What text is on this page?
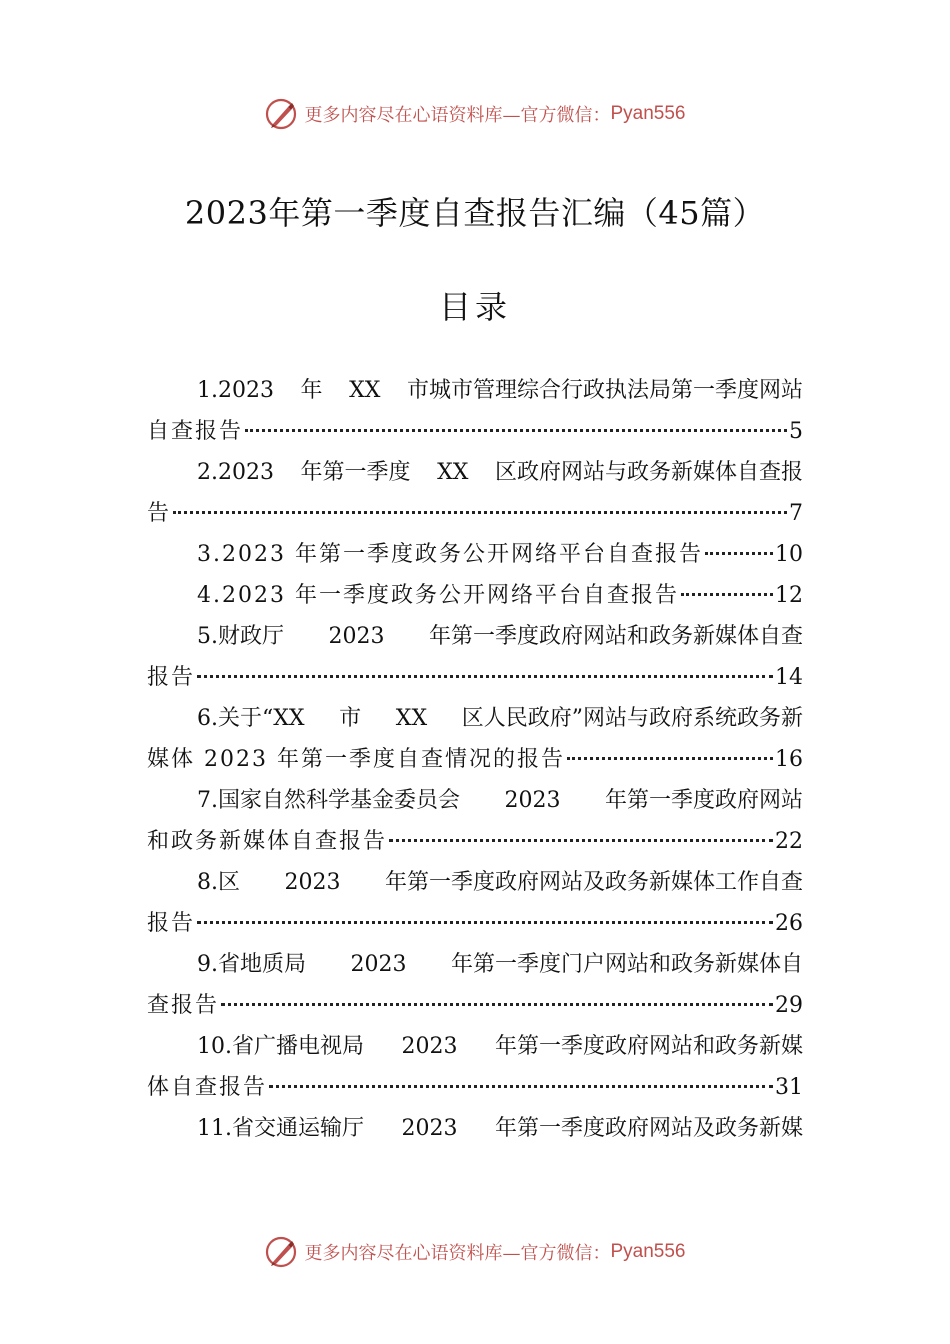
更多内容尽在心语资料库—官方微信： Pyan556
2023年第一季度自查报告汇编（45篇）
目录
1.2023 年 XX 市城市管理综合行政执法局第一季度网站
自查报告	5
2.2023 年第一季度 XX 区政府网站与政务新媒体自查报
告	7
3.2023 年第一季度政务公开网络平台自查报告	10
4.2023 年一季度政务公开网络平台自查报告	12
5.财政厅 2023 年第一季度政府网站和政务新媒体自查
报告	14
6.关于“XX 市 XX 区人民政府”网站与政府系统政务新
媒体 2023 年第一季度自查情况的报告	16
7.国家自然科学基金委员会 2023 年第一季度政府网站
和政务新媒体自查报告	22
8.区 2023 年第一季度政府网站及政务新媒体工作自查
报告	26
9.省地质局 2023 年第一季度门户网站和政务新媒体自
查报告	29
10.省广播电视局 2023 年第一季度政府网站和政务新媒
体自查报告	31
11.省交通运输厅 2023 年第一季度政府网站及政务新媒
更多内容尽在心语资料库—官方微信： Pyan556
